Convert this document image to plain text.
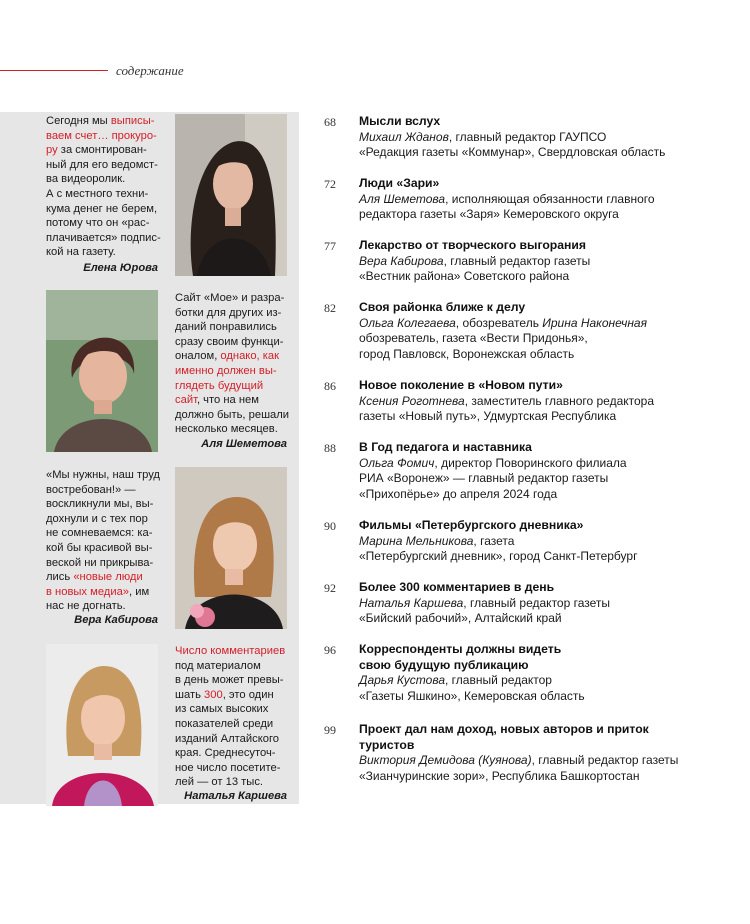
содержание
Сегодня мы выписы-
ваем счет… прокуро-
ру за смонтирован-
ный для его ведомст-
ва видеоролик.
А с местного техни-
кума денег не берем,
потому что он «рас-
плачивается» подпис-
кой на газету.
Елена Юрова
Сайт «Мое» и разра-
ботки для других из-
даний понравились
сразу своим функци-
оналом, однако, как
именно должен вы-
глядеть будущий
сайт, что на нем
должно быть, решали
несколько месяцев.
Аля Шеметова
«Мы нужны, наш труд
востребован!» —
воскликнули мы, вы-
дохнули и с тех пор
не сомневаемся: ка-
кой бы красивой вы-
веской ни прикрыва-
лись «новые люди
в новых медиа», им
нас не догнать.
Вера Кабирова
Число комментариев
под материалом
в день может превы-
шать 300, это один
из самых высоких
показателей среди
изданий Алтайского
края. Среднесуточ-
ное число посетите-
лей — от 13 тыс.
Наталья Каршева
68 Мысли вслух
Михаил Жданов, главный редактор ГАУПСО
«Редакция газеты «Коммунар», Свердловская область
72 Люди «Зари»
Аля Шеметова, исполняющая обязанности главного
редактора газеты «Заря» Кемеровского округа
77 Лекарство от творческого выгорания
Вера Кабирова, главный редактор газеты
«Вестник района» Советского района
82 Своя районка ближе к делу
Ольга Колегаева, обозреватель Ирина Наконечная
обозреватель, газета «Вести Придонья»,
город Павловск, Воронежская область
86 Новое поколение в «Новом пути»
Ксения Роготнева, заместитель главного редактора
газеты «Новый путь», Удмуртская Республика
88 В Год педагога и наставника
Ольга Фомич, директор Поворинского филиала
РИА «Воронеж» — главный редактор газеты
«Прихопёрье» до апреля 2024 года
90 Фильмы «Петербургского дневника»
Марина Мельникова, газета
«Петербургский дневник», город Санкт-Петербург
92 Более 300 комментариев в день
Наталья Каршева, главный редактор газеты
«Бийский рабочий», Алтайский край
96 Корреспонденты должны видеть
свою будущую публикацию
Дарья Кустова, главный редактор
«Газеты Яшкино», Кемеровская область
99 Проект дал нам доход, новых авторов и приток
туристов
Виктория Демидова (Куянова), главный редактор газеты
«Зианчуринские зори», Республика Башкортостан
